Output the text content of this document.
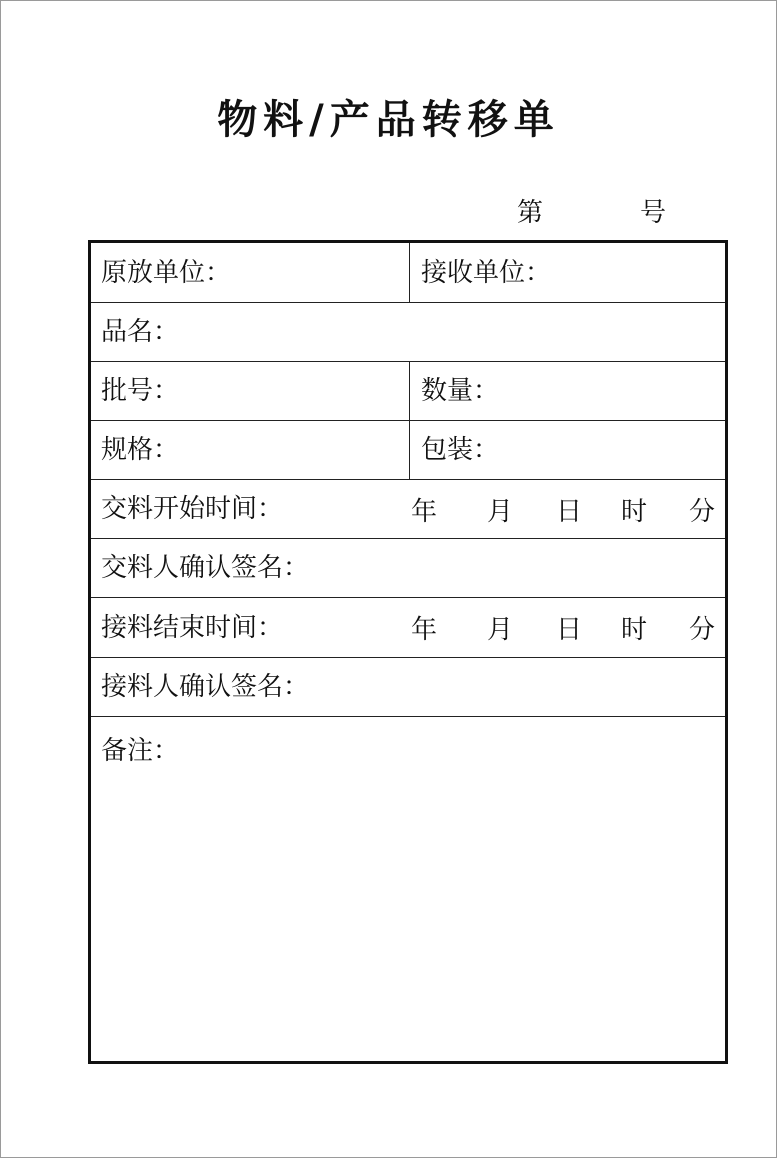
物料/产品转移单
第	号
原放单位：	接收单位：
品名：
批号：	数量：
规格：	包装：
交料开始时间：	年 月 日 时 分
交料人确认签名：
接料结束时间：	年 月 日 时 分
接料人确认签名：
备注：
